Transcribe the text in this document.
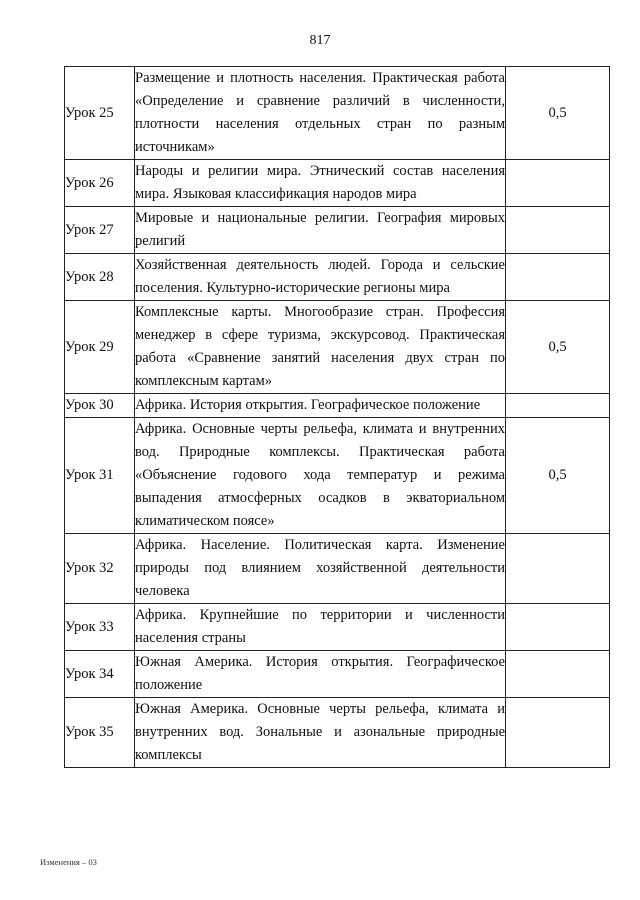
817
Урок 25	Размещение и плотность населения. Практическая работа «Определение и сравнение различий в численности, плотности населения отдельных стран по разным источникам»	0,5
Урок 26	Народы и религии мира. Этнический состав населения мира. Языковая классификация народов мира	
Урок 27	Мировые и национальные религии. География мировых религий	
Урок 28	Хозяйственная деятельность людей. Города и сельские поселения. Культурно-исторические регионы мира	
Урок 29	Комплексные карты. Многообразие стран. Профессия менеджер в сфере туризма, экскурсовод. Практическая работа «Сравнение занятий населения двух стран по комплексным картам»	0,5
Урок 30	Африка. История открытия. Географическое положение	
Урок 31	Африка. Основные черты рельефа, климата и внутренних вод. Природные комплексы. Практическая работа «Объяснение годового хода температур и режима выпадения атмосферных осадков в экваториальном климатическом поясе»	0,5
Урок 32	Африка. Население. Политическая карта. Изменение природы под влиянием хозяйственной деятельности человека	
Урок 33	Африка. Крупнейшие по территории и численности населения страны	
Урок 34	Южная Америка. История открытия. Географическое положение	
Урок 35	Южная Америка. Основные черты рельефа, климата и внутренних вод. Зональные и азональные природные комплексы	
Изменения – 03
